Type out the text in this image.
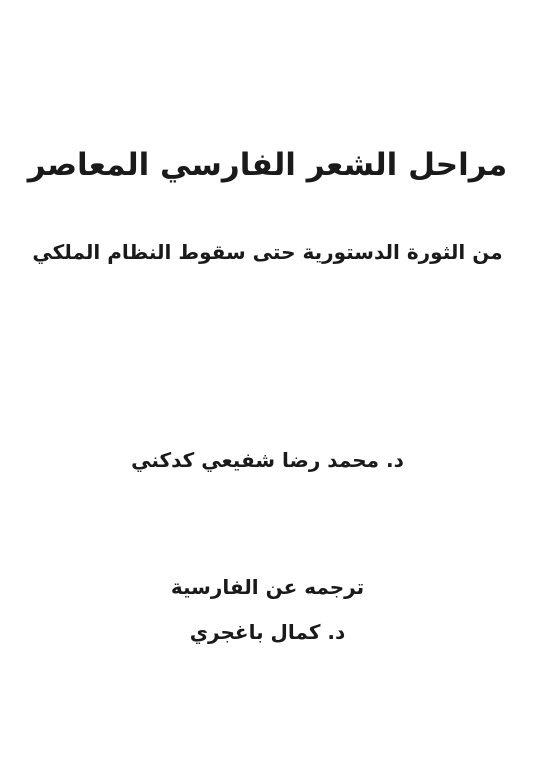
مراحل الشعر الفارسي المعاصر
من الثورة الدستورية حتى سقوط النظام الملكي
د. محمد رضا شفيعي كدكني
ترجمه عن الفارسية
د. كمال باغجري
